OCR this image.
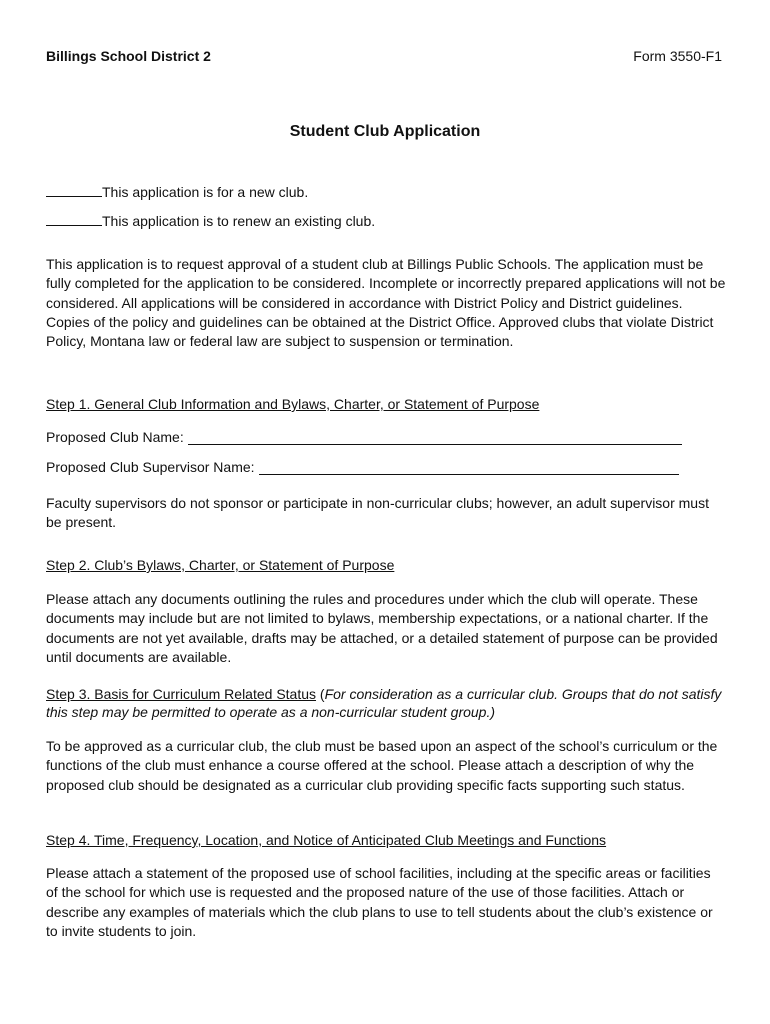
Billings School District 2	Form 3550-F1
Student Club Application
This application is for a new club.
This application is to renew an existing club.
This application is to request approval of a student club at Billings Public Schools. The application must be fully completed for the application to be considered. Incomplete or incorrectly prepared applications will not be considered. All applications will be considered in accordance with District Policy and District guidelines. Copies of the policy and guidelines can be obtained at the District Office. Approved clubs that violate District Policy, Montana law or federal law are subject to suspension or termination.
Step 1. General Club Information and Bylaws, Charter, or Statement of Purpose
Proposed Club Name:
Proposed Club Supervisor Name:
Faculty supervisors do not sponsor or participate in non-curricular clubs; however, an adult supervisor must be present.
Step 2. Club’s Bylaws, Charter, or Statement of Purpose
Please attach any documents outlining the rules and procedures under which the club will operate. These documents may include but are not limited to bylaws, membership expectations, or a national charter. If the documents are not yet available, drafts may be attached, or a detailed statement of purpose can be provided until documents are available.
Step 3. Basis for Curriculum Related Status (For consideration as a curricular club. Groups that do not satisfy this step may be permitted to operate as a non-curricular student group.)
To be approved as a curricular club, the club must be based upon an aspect of the school’s curriculum or the functions of the club must enhance a course offered at the school. Please attach a description of why the proposed club should be designated as a curricular club providing specific facts supporting such status.
Step 4. Time, Frequency, Location, and Notice of Anticipated Club Meetings and Functions
Please attach a statement of the proposed use of school facilities, including at the specific areas or facilities of the school for which use is requested and the proposed nature of the use of those facilities. Attach or describe any examples of materials which the club plans to use to tell students about the club’s existence or to invite students to join.
